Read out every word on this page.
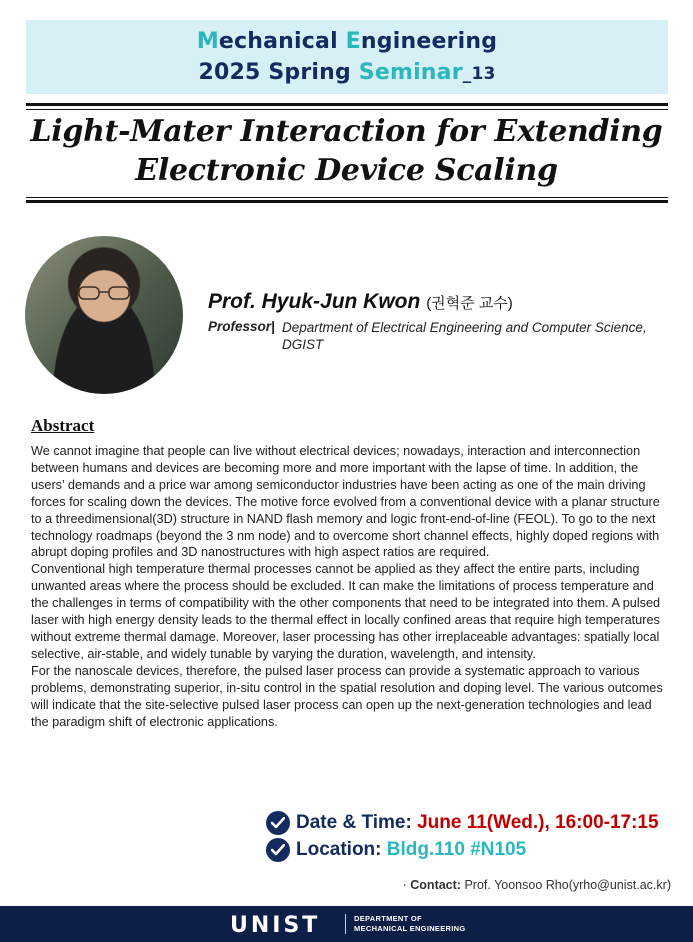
Mechanical Engineering
2025 Spring Seminar_13
Light-Mater Interaction for Extending
Electronic Device Scaling
Prof. Hyuk-Jun Kwon (권혁준 교수)
Professor| Department of Electrical Engineering and Computer Science, DGIST
Abstract

We cannot imagine that people can live without electrical devices; nowadays, interaction and interconnection between humans and devices are becoming more and more important with the lapse of time. In addition, the users’ demands and a price war among semiconductor industries have been acting as one of the main driving forces for scaling down the devices. The motive force evolved from a conventional device with a planar structure to a threedimensional(3D) structure in NAND flash memory and logic front-end-of-line (FEOL). To go to the next technology roadmaps (beyond the 3 nm node) and to overcome short channel effects, highly doped regions with abrupt doping profiles and 3D nanostructures with high aspect ratios are required.

Conventional high temperature thermal processes cannot be applied as they affect the entire parts, including unwanted areas where the process should be excluded. It can make the limitations of process temperature and the challenges in terms of compatibility with the other components that need to be integrated into them. A pulsed laser with high energy density leads to the thermal effect in locally confined areas that require high temperatures without extreme thermal damage. Moreover, laser processing has other irreplaceable advantages: spatially local selective, air-stable, and widely tunable by varying the duration, wavelength, and intensity.

For the nanoscale devices, therefore, the pulsed laser process can provide a systematic approach to various problems, demonstrating superior, in-situ control in the spatial resolution and doping level. The various outcomes will indicate that the site-selective pulsed laser process can open up the next-generation technologies and lead the paradigm shift of electronic applications.

Date & Time: June 11(Wed.), 16:00-17:15
Location: Bldg.110 #N105
· Contact: Prof. Yoonsoo Rho(yrho@unist.ac.kr)
UNIST	DEPARTMENT OF
MECHANICAL ENGINEERING
